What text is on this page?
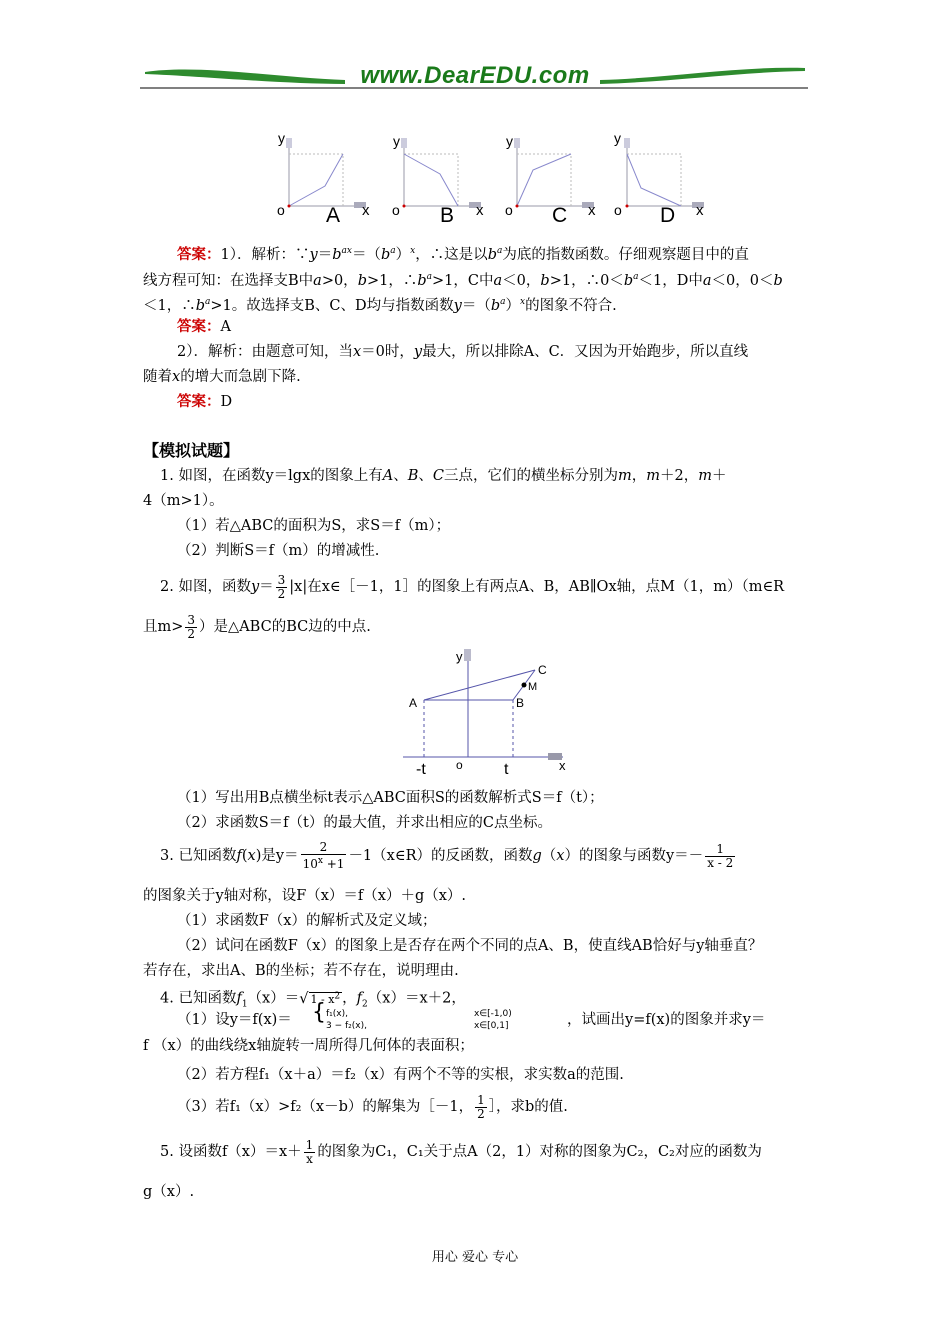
www.DearEDU.com
y
o A x
y
o B x
y
o C x
y
o D x
答案：1）．解析：$\because y=b^{ax}=(b^a)^x$，∴这是以$b^a$为底的指数函数。仔细观察题目中的直
线方程可知：在选择支B中a>0，b>1，$\therefore b^a>1$，C中a＜0，b>1，$\therefore 0<b^a<1$，D中a＜0，0＜b
＜1，$\therefore b^a>1$。故选择支B、C、D均与指数函数$y=(b^a)^x$的图象不符合.
答案：A
2）．解析：由题意可知，当x＝0时，y最大，所以排除A、C．又因为开始跑步，所以直线
随着x的增大而急剧下降.
答案：D
【模拟试题】
1. 如图，在函数y＝lgx的图象上有A、B、C三点，它们的横坐标分别为m，m＋2，m＋
4（m>1）。
（1）若△ABC的面积为S，求S＝f（m）；
（2）判断S＝f（m）的增减性.
2. 如图，函数$y= \frac{3}{2} |x|$在x∈［－1，1］的图象上有两点A、B，AB∥Ox轴，点M（1，m）（m∈R
且$m> \frac{3}{2}$ ）是△ABC的BC边的中点.
y
A	B
C
M
o
-t	t	x
（1）写出用B点横坐标t表示△ABC面积S的函数解析式S＝f（t）；
（2）求函数S＝f（t）的最大值，并求出相应的C点坐标。
3. 已知函数f(x)是$y= \frac{2}{10^x +1}$ －1（x∈R）的反函数，函数g（x）的图象与函数$y=- \frac{1}{x - 2}$
的图象关于y轴对称，设F（x）＝f（x）＋g（x）.
（1）求函数F（x）的解析式及定义域；
（2）试问在函数F（x）的图象上是否存在两个不同的点A、B，使直线AB恰好与y轴垂直？
若存在，求出A、B的坐标；若不存在，说明理由.
4. 已知函数$f_1(x)=√$ $1 - x^2$ ，$f_2(x)=x+2$，
（1）设y＝f(x)＝ { f₁(x),	x∈[-1,0)
3 − f₂(x),	x∈[0,1]	，试画出y=f(x)的图象并求y＝
f （x）的曲线绕x轴旋转一周所得几何体的表面积；
（2）若方程f₁（x＋a）＝f₂（x）有两个不等的实根，求实数a的范围.
（3）若f₁（x）>f₂（x－b）的解集为［－1， $\frac{1}{2}$ ］，求b的值.
5. 设函数$f(x)=x+ \frac{1}{x}$ 的图象为C₁，C₁关于点A（2，1）对称的图象为C₂，C₂对应的函数为
g（x）.
用心 爱心 专心
